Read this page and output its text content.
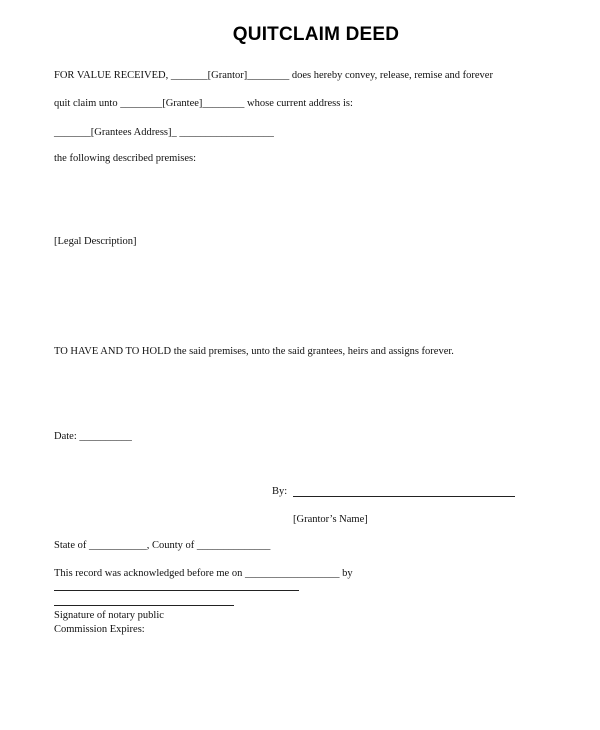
QUITCLAIM DEED
FOR VALUE RECEIVED, _______[Grantor]________ does hereby convey, release, remise and forever
quit claim unto ________[Grantee]________ whose current address is:
_______[Grantees Address]_ __________________
the following described premises:
[Legal Description]
TO HAVE AND TO HOLD the said premises, unto the said grantees, heirs and assigns forever.
Date: __________
By:
[Grantor’s Name]
State of ___________, County of ______________
This record was acknowledged before me on __________________ by
Signature of notary public
Commission Expires:
